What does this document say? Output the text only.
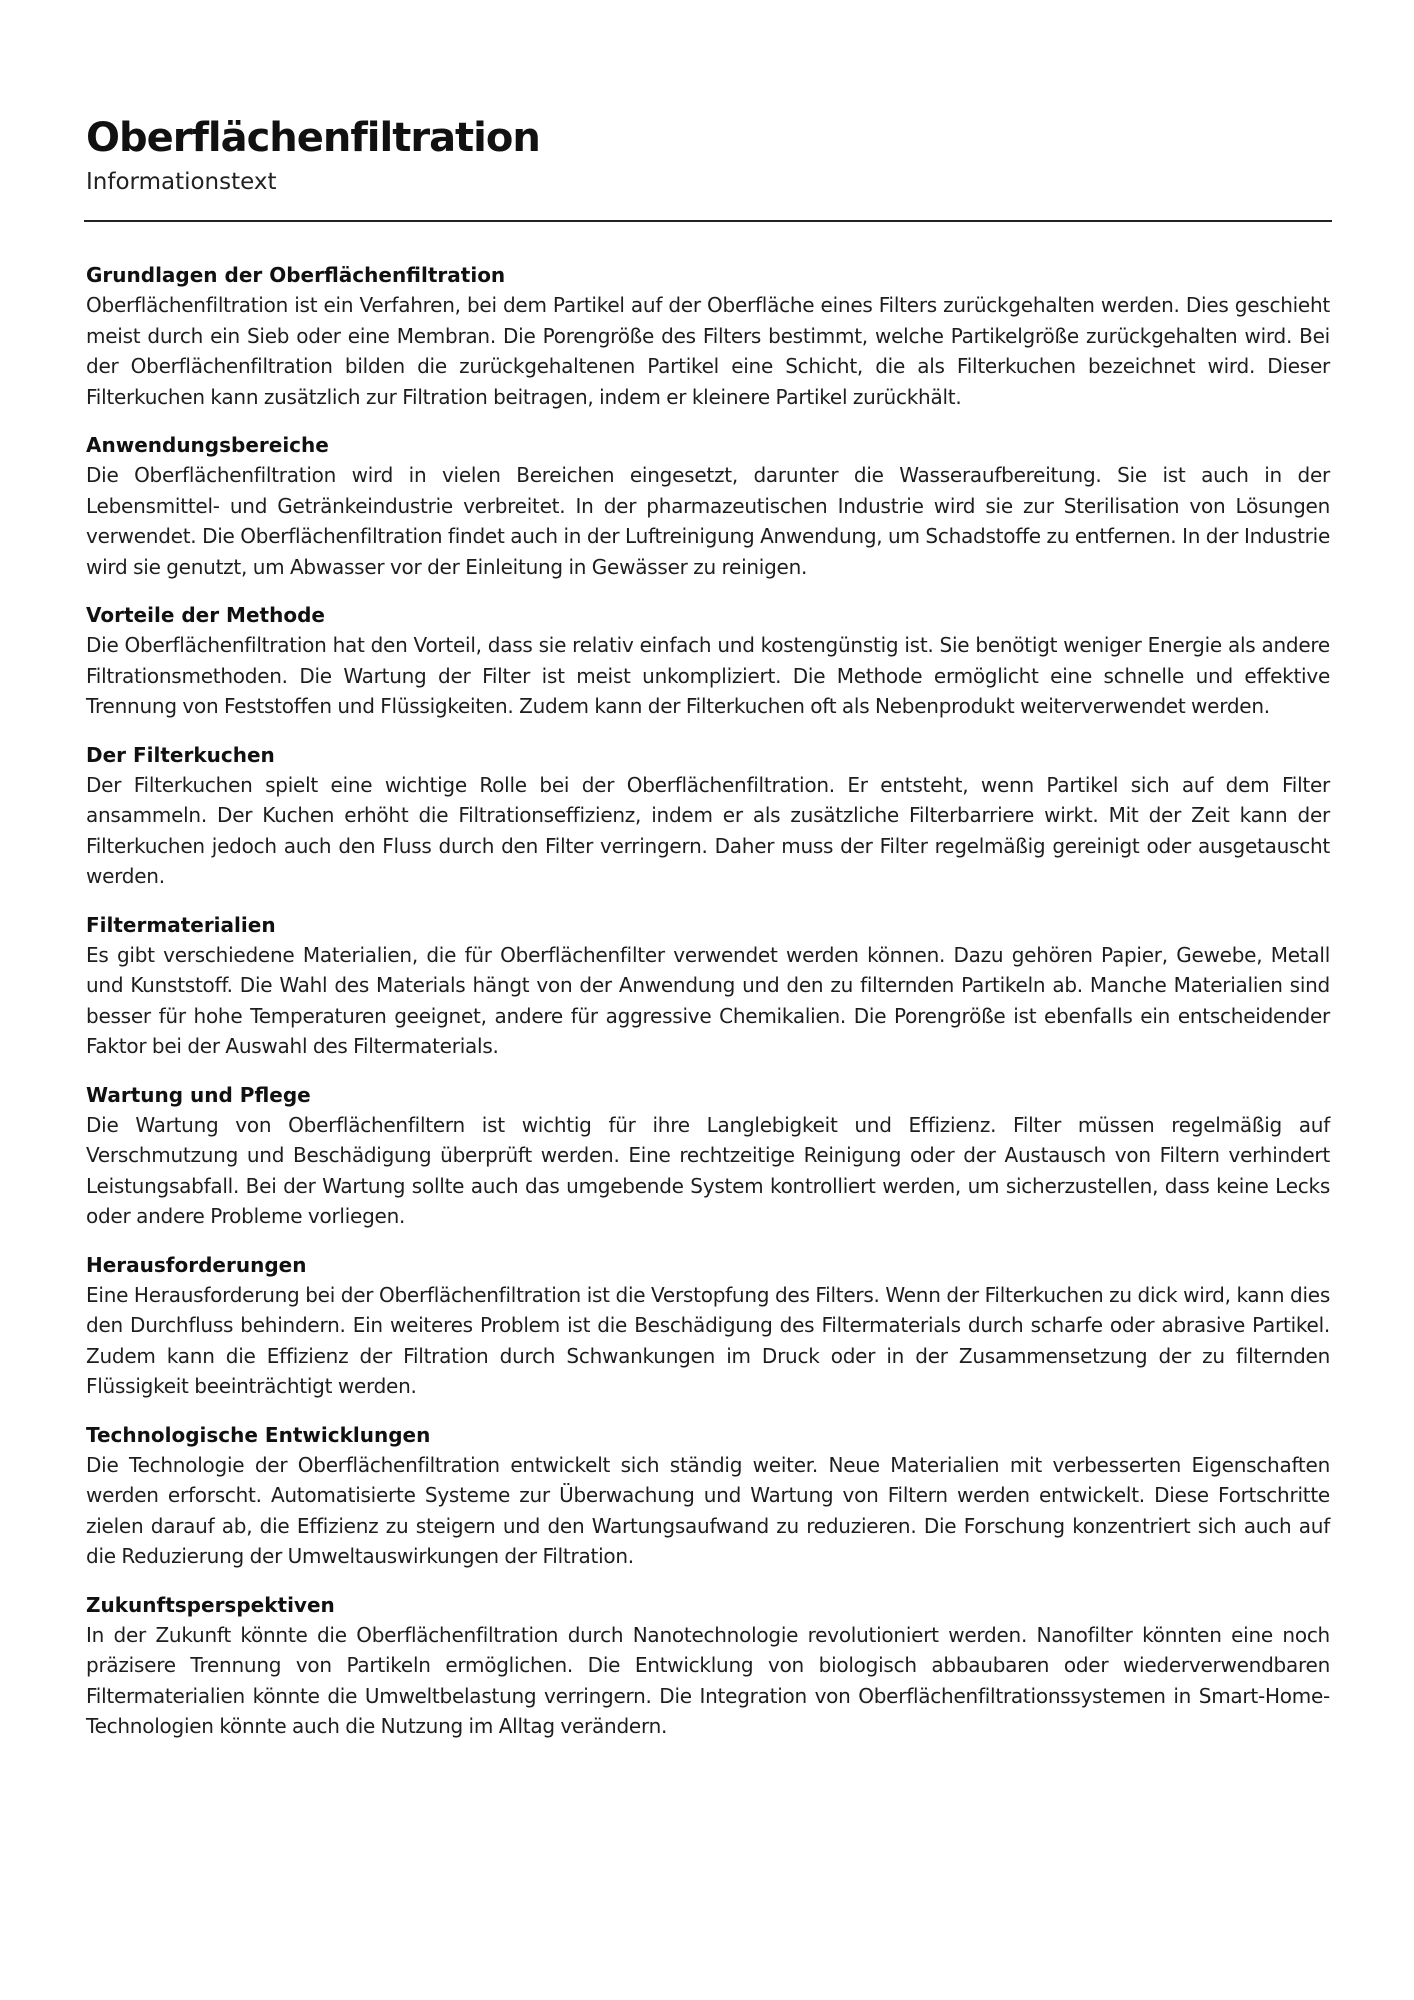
Oberflächenfiltration
Informationstext
Grundlagen der Oberflächenfiltration

Oberflächenfiltration ist ein Verfahren, bei dem Partikel auf der Oberfläche eines Filters zurückgehalten werden. Dies geschieht meist durch ein Sieb oder eine Membran. Die Porengröße des Filters bestimmt, welche Partikelgröße zurückgehalten wird. Bei der Oberflächenfiltration bilden die zurückgehaltenen Partikel eine Schicht, die als Filterkuchen bezeichnet wird. Dieser Filterkuchen kann zusätzlich zur Filtration beitragen, indem er kleinere Partikel zurückhält.

Anwendungsbereiche

Die Oberflächenfiltration wird in vielen Bereichen eingesetzt, darunter die Wasseraufbereitung. Sie ist auch in der Lebensmittel- und Getränkeindustrie verbreitet. In der pharmazeutischen Industrie wird sie zur Sterilisation von Lösungen verwendet. Die Oberflächenfiltration findet auch in der Luftreinigung Anwendung, um Schadstoffe zu entfernen. In der Industrie wird sie genutzt, um Abwasser vor der Einleitung in Gewässer zu reinigen.

Vorteile der Methode

Die Oberflächenfiltration hat den Vorteil, dass sie relativ einfach und kostengünstig ist. Sie benötigt weniger Energie als andere Filtrationsmethoden. Die Wartung der Filter ist meist unkompliziert. Die Methode ermöglicht eine schnelle und effektive Trennung von Feststoffen und Flüssigkeiten. Zudem kann der Filterkuchen oft als Nebenprodukt weiterverwendet werden.

Der Filterkuchen

Der Filterkuchen spielt eine wichtige Rolle bei der Oberflächenfiltration. Er entsteht, wenn Partikel sich auf dem Filter ansammeln. Der Kuchen erhöht die Filtrationseffizienz, indem er als zusätzliche Filterbarriere wirkt. Mit der Zeit kann der Filterkuchen jedoch auch den Fluss durch den Filter verringern. Daher muss der Filter regelmäßig gereinigt oder ausgetauscht werden.

Filtermaterialien

Es gibt verschiedene Materialien, die für Oberflächenfilter verwendet werden können. Dazu gehören Papier, Gewebe, Metall und Kunststoff. Die Wahl des Materials hängt von der Anwendung und den zu filternden Partikeln ab. Manche Materialien sind besser für hohe Temperaturen geeignet, andere für aggressive Chemikalien. Die Porengröße ist ebenfalls ein entscheidender Faktor bei der Auswahl des Filtermaterials.

Wartung und Pflege

Die Wartung von Oberflächenfiltern ist wichtig für ihre Langlebigkeit und Effizienz. Filter müssen regelmäßig auf Verschmutzung und Beschädigung überprüft werden. Eine rechtzeitige Reinigung oder der Austausch von Filtern verhindert Leistungsabfall. Bei der Wartung sollte auch das umgebende System kontrolliert werden, um sicherzustellen, dass keine Lecks oder andere Probleme vorliegen.

Herausforderungen

Eine Herausforderung bei der Oberflächenfiltration ist die Verstopfung des Filters. Wenn der Filterkuchen zu dick wird, kann dies den Durchfluss behindern. Ein weiteres Problem ist die Beschädigung des Filtermaterials durch scharfe oder abrasive Partikel. Zudem kann die Effizienz der Filtration durch Schwankungen im Druck oder in der Zusammensetzung der zu filternden Flüssigkeit beeinträchtigt werden.

Technologische Entwicklungen

Die Technologie der Oberflächenfiltration entwickelt sich ständig weiter. Neue Materialien mit verbesserten Eigenschaften werden erforscht. Automatisierte Systeme zur Überwachung und Wartung von Filtern werden entwickelt. Diese Fortschritte zielen darauf ab, die Effizienz zu steigern und den Wartungsaufwand zu reduzieren. Die Forschung konzentriert sich auch auf die Reduzierung der Umweltauswirkungen der Filtration.

Zukunftsperspektiven

In der Zukunft könnte die Oberflächenfiltration durch Nanotechnologie revolutioniert werden. Nanofilter könnten eine noch präzisere Trennung von Partikeln ermöglichen. Die Entwicklung von biologisch abbaubaren oder wiederverwendbaren Filtermaterialien könnte die Umweltbelastung verringern. Die Integration von Oberflächenfiltrationssystemen in Smart-Home-Technologien könnte auch die Nutzung im Alltag verändern.
